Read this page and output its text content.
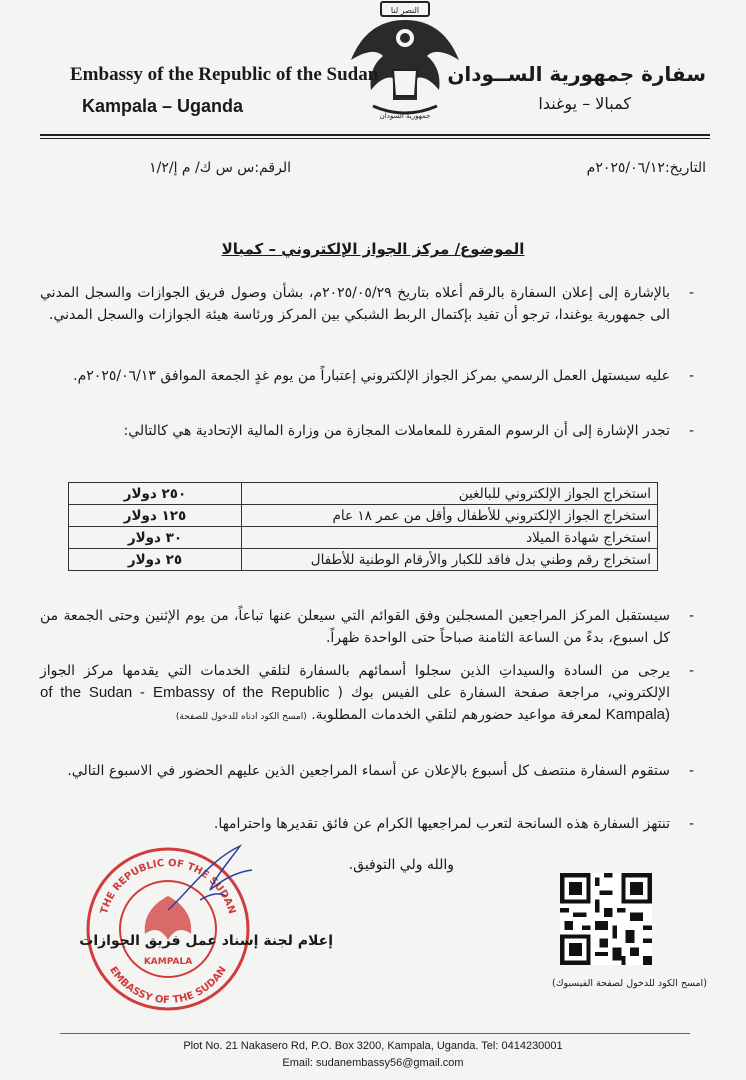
النصر لنا
جمهورية السودان
Embassy of the Republic of the Sudan
Kampala – Uganda
سفارة جمهورية الســودان
كمبالا – يوغندا
التاريخ:٢٠٢٥/٠٦/١٢م
الرقم:س س ك/ م إ/١/٢
الموضوع/ مركز الجواز الإلكتروني – كمبالا
-
بالإشارة إلى إعلان السفارة بالرقم أعلاه بتاريخ ٢٠٢٥/٠٥/٢٩م، بشأن وصول فريق الجوازات والسجل المدني الى جمهورية يوغندا، ترجو أن تفيد بإكتمال الربط الشبكي بين المركز ورئاسة هيئة الجوازات والسجل المدني.
-
عليه سيستهل العمل الرسمي بمركز الجواز الإلكتروني إعتباراً من يوم غدٍ الجمعة الموافق ٢٠٢٥/٠٦/١٣م.
-
تجدر الإشارة إلى أن الرسوم المقررة للمعاملات المجازة من وزارة المالية الإتحادية هي كالتالي:
استخراج الجواز الإلكتروني للبالغين	٢٥٠ دولار
استخراج الجواز الإلكتروني للأطفال وأقل من عمر ١٨ عام	١٢٥ دولار
استخراج شهادة الميلاد	٣٠ دولار
استخراج رقم وطني بدل فاقد للكبار والأرقام الوطنية للأطفال	٢٥ دولار
-
سيستقبل المركز المراجعين المسجلين وفق القوائم التي سيعلن عنها تباعاً، من يوم الإثنين وحتى الجمعة من كل اسبوع، بدءً من الساعة الثامنة صباحاً حتى الواحدة ظهراً.
-
يرجى من السادة والسيداتِ الذين سجلوا أسمائهم بالسفارة لتلقي الخدمات التي يقدمها مركز الجواز الإلكتروني، مراجعة صفحة السفارة على الفيس بوك ( Embassy of the Republic of the Sudan - Kampala) لمعرفة مواعيد حضورهم لتلقي الخدمات المطلوبة. (امسح الكود ادناه للدخول للصفحة)
-
ستقوم السفارة منتصف كل أسبوع بالإعلان عن أسماء المراجعين الذين عليهم الحضور في الاسبوع التالي.
-
تنتهز السفارة هذه السانحة لتعرب لمراجعيها الكرام عن فائق تقديرها واحترامها.
والله ولي التوفيق.
THE REPUBLIC OF THE SUDAN
EMBASSY OF THE SUDAN
KAMPALA
إعلام لجنة إسناد عمل فريق الجوازات
(امسح الكود للدخول لصفحة الفيسبوك)
Plot No. 21 Nakasero Rd, P.O. Box 3200, Kampala, Uganda. Tel: 0414230001
Email: sudanembassy56@gmail.com
